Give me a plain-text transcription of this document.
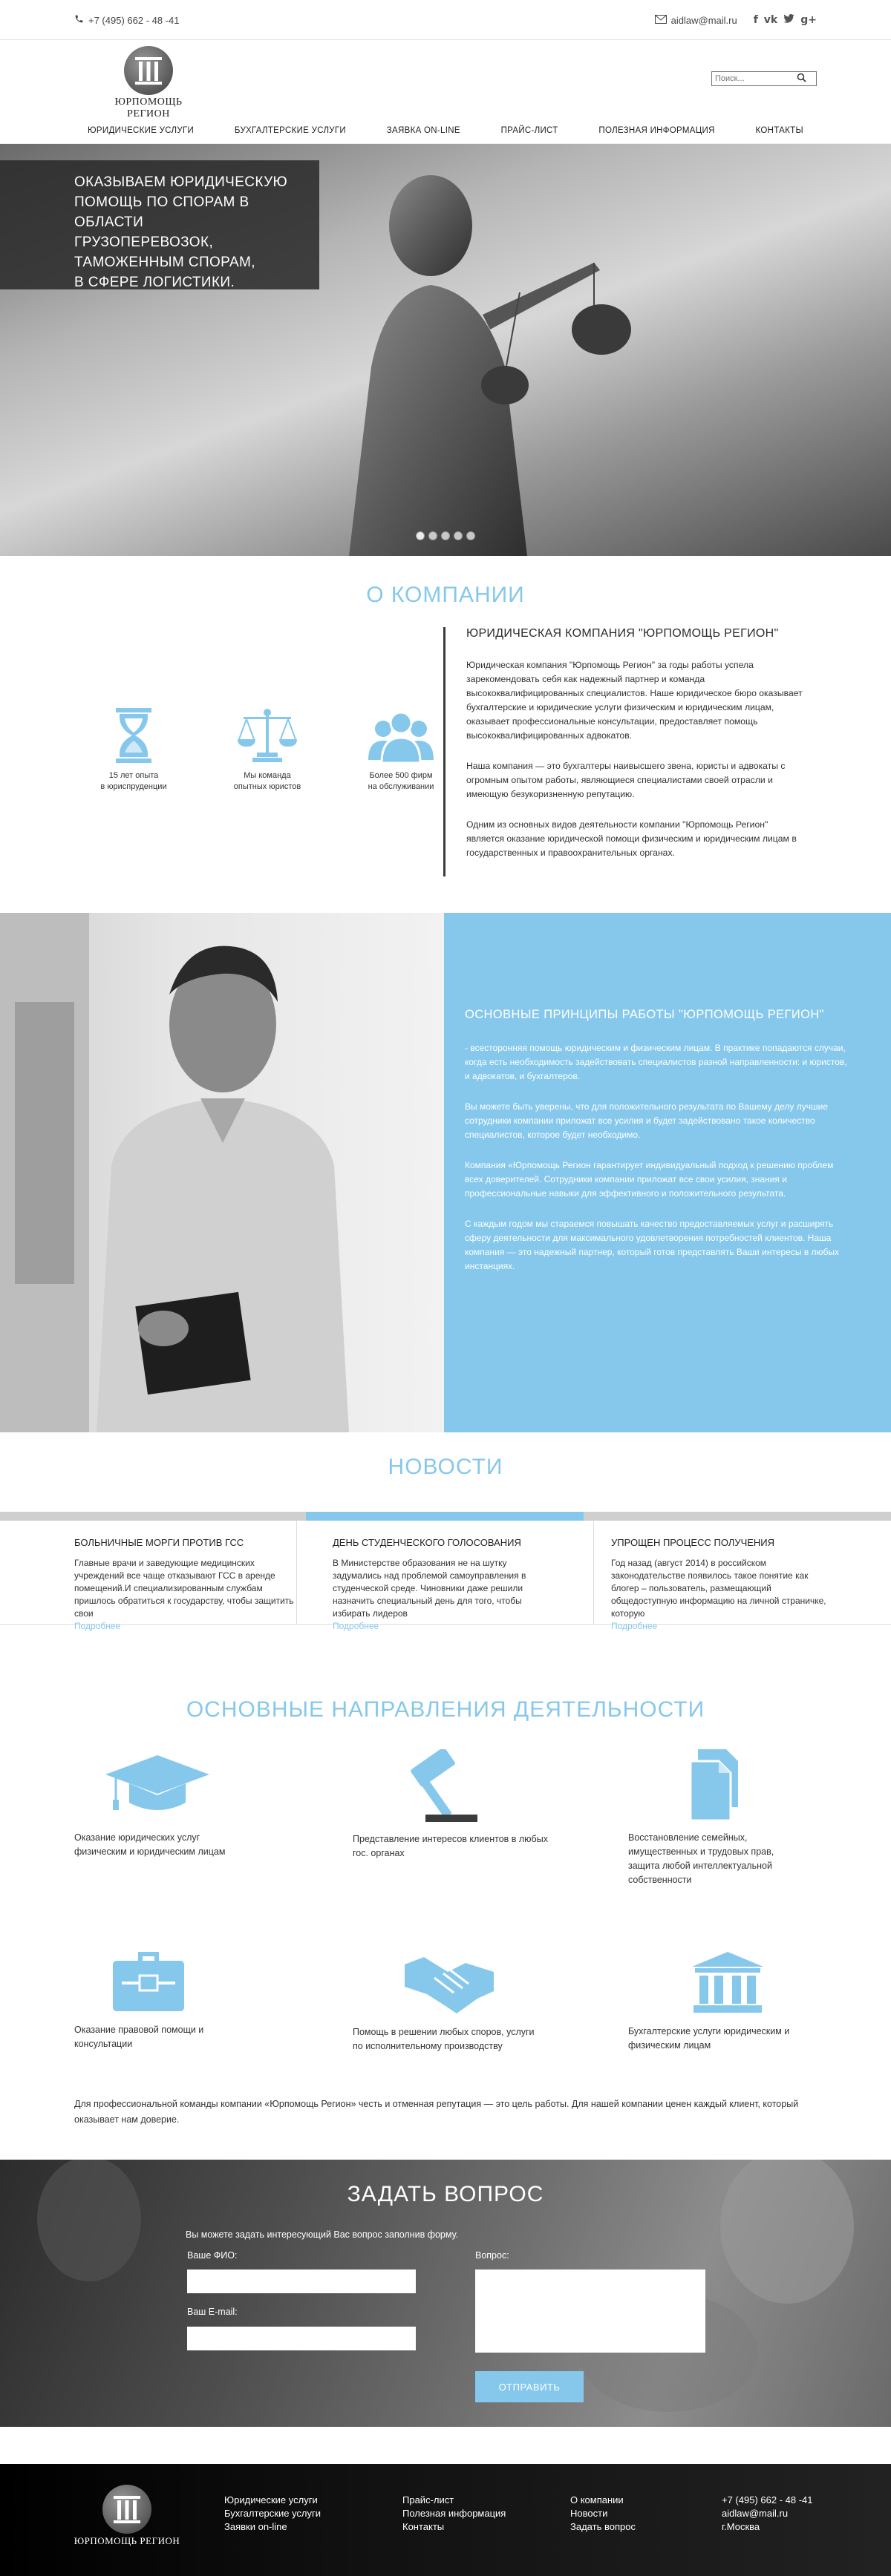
+7 (495) 662 - 48 -41	aidlaw@mail.ru f vk g+
ЮРПОМОЩЬ РЕГИОН
Поиск...
ЮРИДИЧЕСКИЕ УСЛУГИ	БУХГАЛТЕРСКИЕ УСЛУГИ	ЗАЯВКА ON-LINE	ПРАЙС-ЛИСТ	ПОЛЕЗНАЯ ИНФОРМАЦИЯ	КОНТАКТЫ
ОКАЗЫВАЕМ ЮРИДИЧЕСКУЮ
ПОМОЩЬ ПО СПОРАМ В ОБЛАСТИ
ГРУЗОПЕРЕВОЗОК,
ТАМОЖЕННЫМ СПОРАМ,
В СФЕРЕ ЛОГИСТИКИ.
О КОМПАНИИ
15 лет опыта
в юриспруденции
Мы команда
опытных юристов
Более 500 фирм
на обслуживании
ЮРИДИЧЕСКАЯ КОМПАНИЯ "ЮРПОМОЩЬ РЕГИОН"

Юридическая компания "Юрпомощь Регион" за годы работы успела зарекомендовать себя как надежный партнер и команда высококвалифицированных специалистов. Наше юридическое бюро оказывает бухгалтерские и юридические услуги физическим и юридическим лицам, оказывает профессиональные консультации, предоставляет помощь высококвалифицированных адвокатов.

Наша компания — это бухгалтеры наивысшего звена, юристы и адвокаты с огромным опытом работы, являющиеся специалистами своей отрасли и имеющую безукоризненную репутацию.

Одним из основных видов деятельности компании "Юрпомощь Регион" является оказание юридической помощи физическим и юридическим лицам в государственных и правоохранительных органах.

ОСНОВНЫЕ ПРИНЦИПЫ РАБОТЫ "ЮРПОМОЩЬ РЕГИОН"

- всесторонняя помощь юридическим и физическим лицам. В практике попадаются случаи, когда есть необходимость задействовать специалистов разной направленности: и юристов, и адвокатов, и бухгалтеров.

Вы можете быть уверены, что для положительного результата по Вашему делу лучшие сотрудники компании приложат все усилия и будет задействовано такое количество специалистов, которое будет необходимо.

Компания «Юрпомощь Регион гарантирует индивидуальный подход к решению проблем всех доверителей. Сотрудники компании приложат все свои усилия, знания и профессиональные навыки для эффективного и положительного результата.

С каждым годом мы стараемся повышать качество предоставляемых услуг и расширять сферу деятельности для максимального удовлетворения потребностей клиентов. Наша компания — это надежный партнер, который готов представлять Ваши интересы в любых инстанциях.

НОВОСТИ
БОЛЬНИЧНЫЕ МОРГИ ПРОТИВ ГСС
Главные врачи и заведующие медицинских учреждений все чаще отказывают ГСС в аренде помещений.И специализированным службам пришлось обратиться к государству, чтобы защитить свои
Подробнее
ДЕНЬ СТУДЕНЧЕСКОГО ГОЛОСОВАНИЯ
В Министерстве образования не на шутку задумались над проблемой самоуправления в студенческой среде. Чиновники даже решили назначить специальный день для того, чтобы избирать лидеров
Подробнее
УПРОЩЕН ПРОЦЕСС ПОЛУЧЕНИЯ
Год назад (август 2014) в российском законодательстве появилось такое понятие как блогер – пользователь, размещающий общедоступную информацию на личной страничке, которую
Подробнее
ОСНОВНЫЕ НАПРАВЛЕНИЯ ДЕЯТЕЛЬНОСТИ
Оказание юридических услуг физическим и юридическим лицам
Представление интересов клиентов в любых гос. органах
Восстановление семейных, имущественных и трудовых прав, защита любой интеллектуальной собственности
Оказание правовой помощи и консультации
Помощь в решении любых споров, услуги по исполнительному производству
Бухгалтерские услуги юридическим и физическим лицам
Для профессиональной команды компании «Юрпомощь Регион» честь и отменная репутация — это цель работы. Для нашей компании ценен каждый клиент, который оказывает нам доверие.
ЗАДАТЬ ВОПРОС
Вы можете задать интересующий Вас вопрос заполнив форму.
Ваше ФИО:
Ваш E-mail:
Вопрос:
ОТПРАВИТЬ
ЮРПОМОЩЬ РЕГИОН
Юридические услуги
Бухгалтерские услуги
Заявки on-line
Прайс-лист
Полезная информация
Контакты
О компании
Новости
Задать вопрос
+7 (495) 662 - 48 -41
aidlaw@mail.ru
г.Москва
